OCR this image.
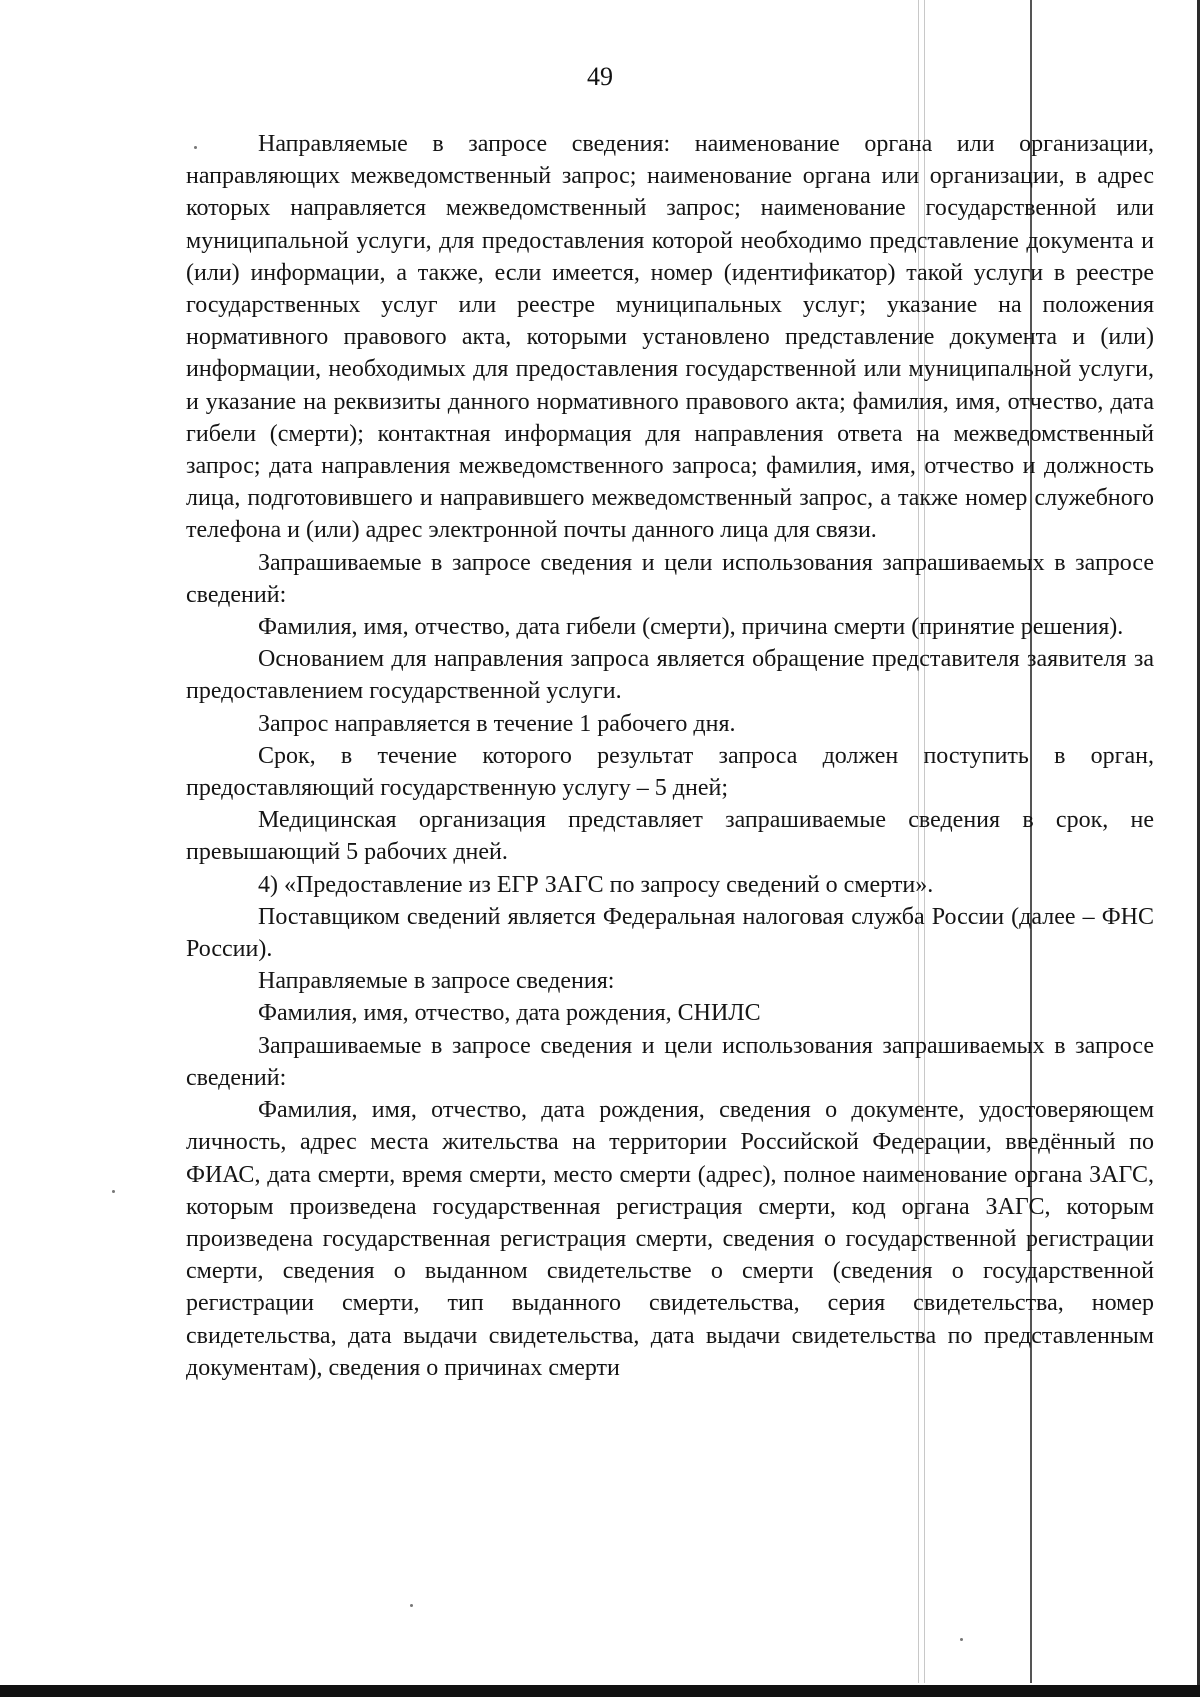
49

Направляемые в запросе сведения: наименование органа или организации, направляющих межведомственный запрос; наименование органа или организации, в адрес которых направляется межведомственный запрос; наименование государственной или муниципальной услуги, для предоставления которой необходимо представление документа и (или) информации, а также, если имеется, номер (идентификатор) такой услуги в реестре государственных услуг или реестре муниципальных услуг; указание на положения нормативного правового акта, которыми установлено представление документа и (или) информации, необходимых для предоставления государственной или муниципальной услуги, и указание на реквизиты данного нормативного правового акта; фамилия, имя, отчество, дата гибели (смерти); контактная информация для направления ответа на межведомственный запрос; дата направления межведомственного запроса; фамилия, имя, отчество и должность лица, подготовившего и направившего межведомственный запрос, а также номер служебного телефона и (или) адрес электронной почты данного лица для связи.

Запрашиваемые в запросе сведения и цели использования запрашиваемых в запросе сведений:

Фамилия, имя, отчество, дата гибели (смерти), причина смерти (принятие решения).

Основанием для направления запроса является обращение представителя заявителя за предоставлением государственной услуги.

Запрос направляется в течение 1 рабочего дня.

Срок, в течение которого результат запроса должен поступить в орган, предоставляющий государственную услугу – 5 дней;

Медицинская организация представляет запрашиваемые сведения в срок, не превышающий 5 рабочих дней.

4) «Предоставление из ЕГР ЗАГС по запросу сведений о смерти».

Поставщиком сведений является Федеральная налоговая служба России (далее – ФНС России).

Направляемые в запросе сведения:

Фамилия, имя, отчество, дата рождения, СНИЛС

Запрашиваемые в запросе сведения и цели использования запрашиваемых в запросе сведений:

Фамилия, имя, отчество, дата рождения, сведения о документе, удостоверяющем личность, адрес места жительства на территории Российской Федерации, введённый по ФИАС, дата смерти, время смерти, место смерти (адрес), полное наименование органа ЗАГС, которым произведена государственная регистрация смерти, код органа ЗАГС, которым произведена государственная регистрация смерти, сведения о государственной регистрации смерти, сведения о выданном свидетельстве о смерти (сведения о государственной регистрации смерти, тип выданного свидетельства, серия свидетельства, номер свидетельства, дата выдачи свидетельства, дата выдачи свидетельства по представленным документам), сведения о причинах смерти
